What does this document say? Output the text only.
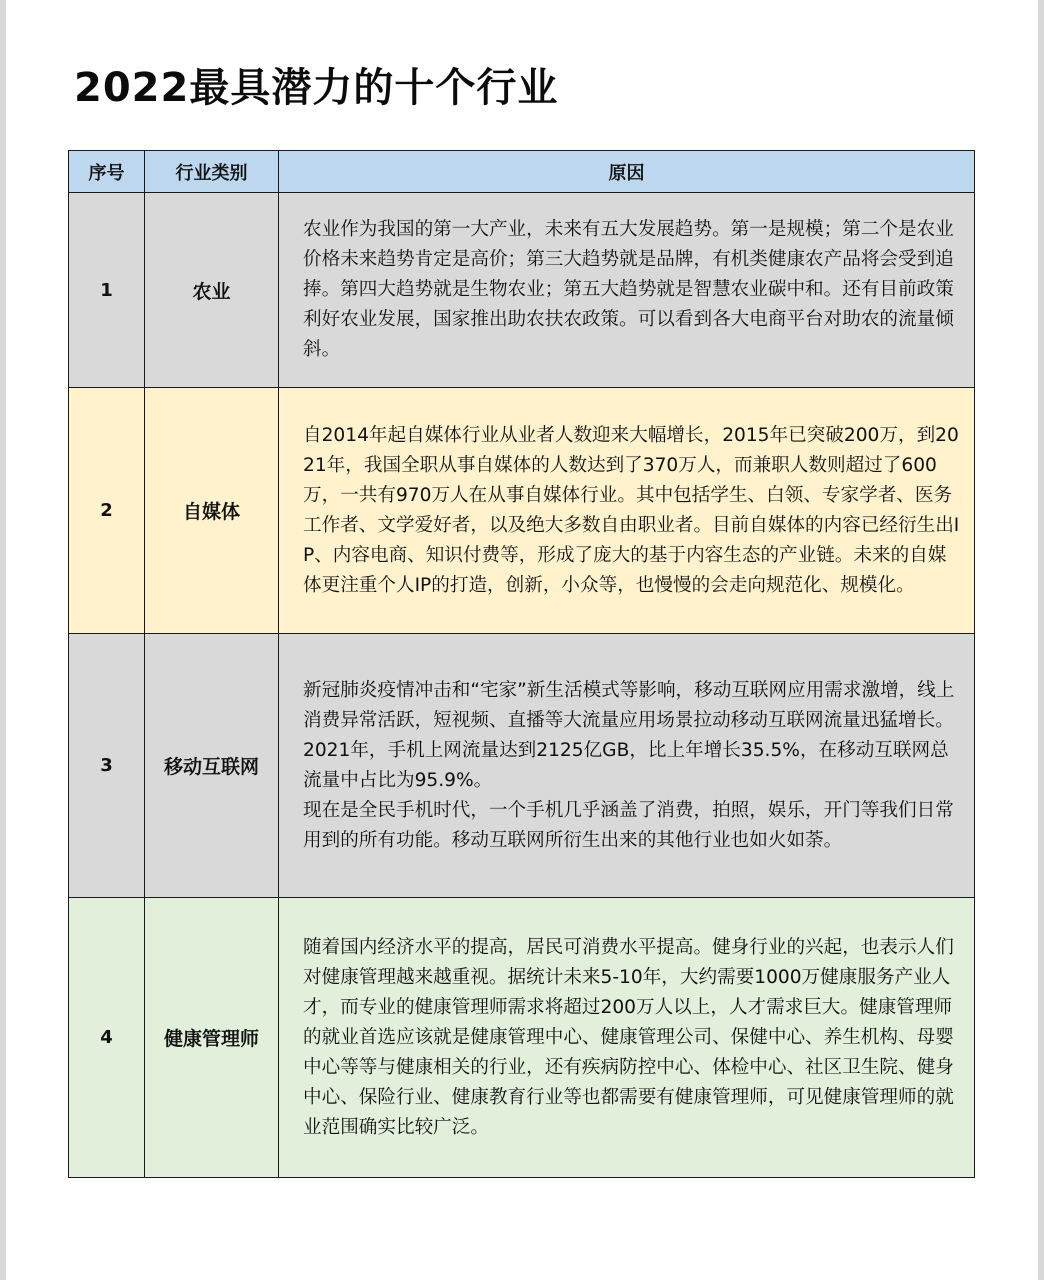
2022最具潜力的十个行业
序号	行业类别	原因
1	农业	农业作为我国的第一大产业，未来有五大发展趋势。第一是规模；第二个是农业价格未来趋势肯定是高价；第三大趋势就是品牌，有机类健康农产品将会受到追捧。第四大趋势就是生物农业；第五大趋势就是智慧农业碳中和。还有目前政策利好农业发展，国家推出助农扶农政策。可以看到各大电商平台对助农的流量倾斜。

2	自媒体	自2014年起自媒体行业从业者人数迎来大幅增长，2015年已突破200万，到2021年，我国全职从事自媒体的人数达到了370万人，而兼职人数则超过了600万，一共有970万人在从事自媒体行业。其中包括学生、白领、专家学者、医务工作者、文学爱好者，以及绝大多数自由职业者。目前自媒体的内容已经衍生出IP、内容电商、知识付费等，形成了庞大的基于内容生态的产业链。未来的自媒体更注重个人IP的打造，创新，小众等，也慢慢的会走向规范化、规模化。

3	移动互联网	新冠肺炎疫情冲击和“宅家”新生活模式等影响，移动互联网应用需求激增，线上消费异常活跃，短视频、直播等大流量应用场景拉动移动互联网流量迅猛增长。2021年，手机上网流量达到2125亿GB，比上年增长35.5%，在移动互联网总流量中占比为95.9%。
现在是全民手机时代，一个手机几乎涵盖了消费，拍照，娱乐，开门等我们日常用到的所有功能。移动互联网所衍生出来的其他行业也如火如荼。

4	健康管理师	随着国内经济水平的提高，居民可消费水平提高。健身行业的兴起，也表示人们对健康管理越来越重视。据统计未来5-10年，大约需要1000万健康服务产业人才，而专业的健康管理师需求将超过200万人以上，人才需求巨大。健康管理师的就业首选应该就是健康管理中心、健康管理公司、保健中心、养生机构、母婴中心等等与健康相关的行业，还有疾病防控中心、体检中心、社区卫生院、健身中心、保险行业、健康教育行业等也都需要有健康管理师，可见健康管理师的就业范围确实比较广泛。
